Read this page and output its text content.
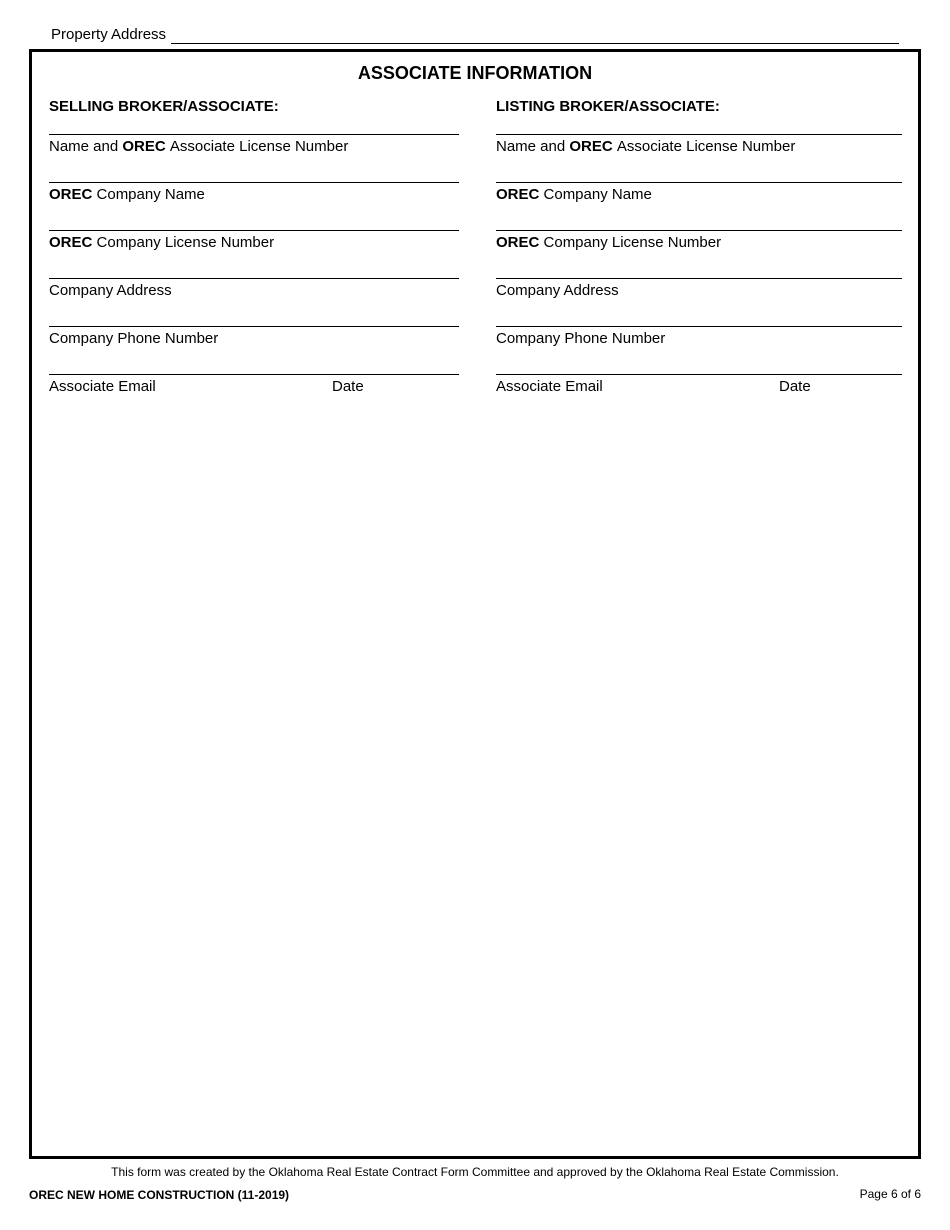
Property Address
ASSOCIATE INFORMATION

SELLING BROKER/ASSOCIATE:

Name and
OREC
Associate License Number
OREC
Company Name
OREC
Company License Number
Company Address
Company Phone Number
Associate Email	Date

LISTING BROKER/ASSOCIATE:

Name and
OREC
Associate License Number
OREC
Company Name
OREC
Company License Number
Company Address
Company Phone Number
Associate Email	Date
This form was created by the Oklahoma Real Estate Contract Form Committee and approved by the Oklahoma Real Estate Commission.
OREC NEW HOME CONSTRUCTION (11-2019)	Page 6 of 6
